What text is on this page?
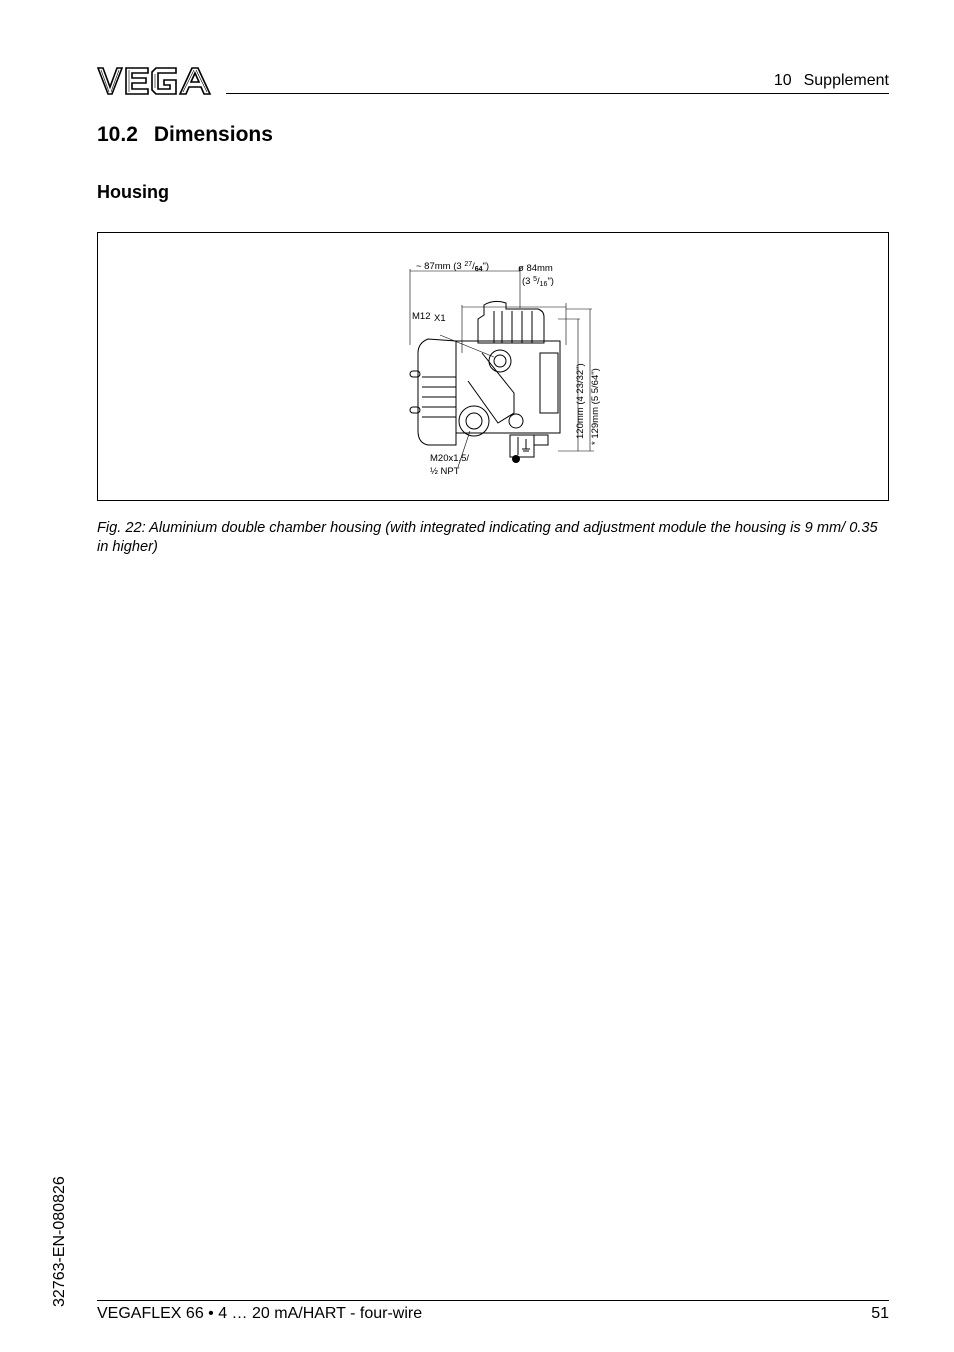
10 Supplement
10.2 Dimensions
Housing
~ 87mm (3 $^{27}/_{64}$")	ø 84mm
(3 $^5/_{16}$")
M12 X1
120mm (4 23/32") * 129mm (5 5/64")
M20x1,5/
½ NPT

Fig. 22: Aluminium double chamber housing (with integrated indicating and adjustment module the housing is 9 mm/ 0.35 in higher)

32763-EN-080826
VEGAFLEX 66 • 4 … 20 mA/HART - four-wire	51
